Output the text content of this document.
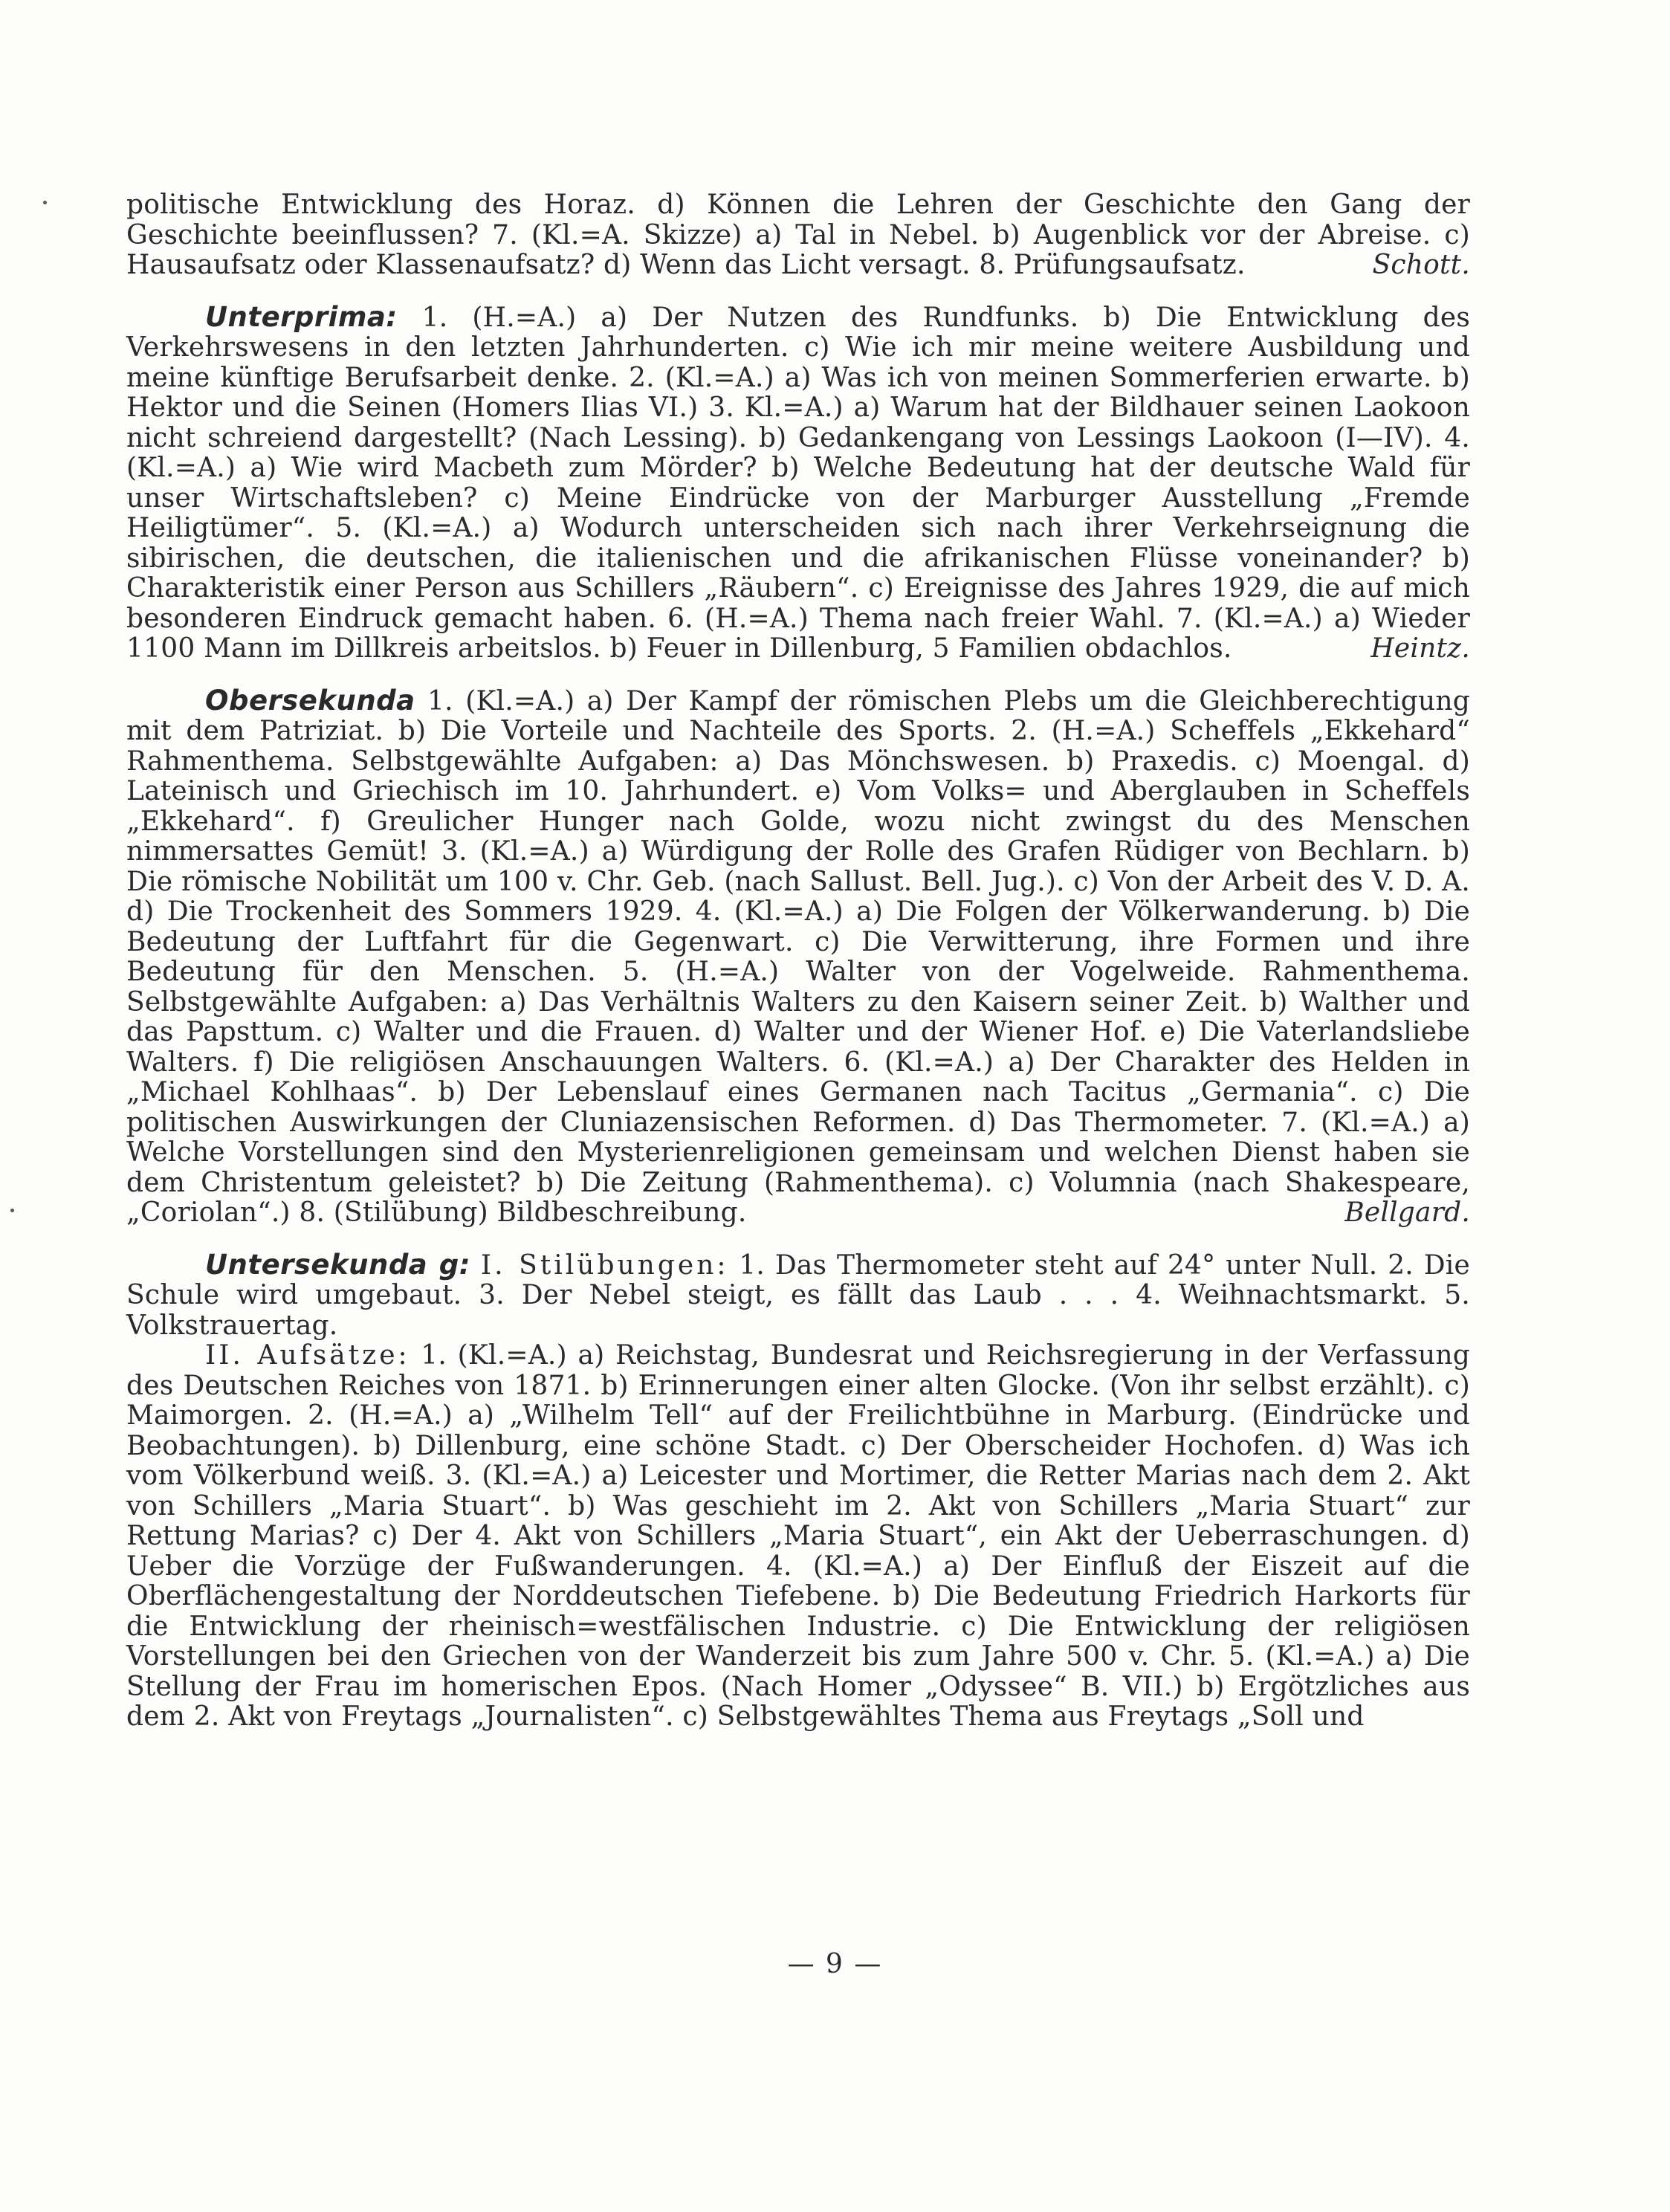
politische Entwicklung des Horaz. d) Können die Lehren der Geschichte den Gang der Geschichte beeinflussen? 7. (Kl.=A. Skizze) a) Tal in Nebel. b) Augenblick vor der Abreise. c) Hausaufsatz oder Klassenaufsatz? d) Wenn das Licht versagt. 8. Prüfungsaufsatz.	Schott.

Unterprima: 1. (H.=A.) a) Der Nutzen des Rundfunks. b) Die Entwicklung des Verkehrswesens in den letzten Jahrhunderten. c) Wie ich mir meine weitere Ausbildung und meine künftige Berufsarbeit denke. 2. (Kl.=A.) a) Was ich von meinen Sommerferien erwarte. b) Hektor und die Seinen (Homers Ilias VI.) 3. Kl.=A.) a) Warum hat der Bildhauer seinen Laokoon nicht schreiend dargestellt? (Nach Lessing). b) Gedankengang von Lessings Laokoon (I—IV). 4. (Kl.=A.) a) Wie wird Macbeth zum Mörder? b) Welche Bedeutung hat der deutsche Wald für unser Wirtschaftsleben? c) Meine Eindrücke von der Marburger Ausstellung „Fremde Heiligtümer“. 5. (Kl.=A.) a) Wodurch unterscheiden sich nach ihrer Verkehrseignung die sibirischen, die deutschen, die italienischen und die afrikanischen Flüsse voneinander? b) Charakteristik einer Person aus Schillers „Räubern“. c) Ereignisse des Jahres 1929, die auf mich besonderen Eindruck gemacht haben. 6. (H.=A.) Thema nach freier Wahl. 7. (Kl.=A.) a) Wieder 1100 Mann im Dillkreis arbeitslos. b) Feuer in Dillenburg, 5 Familien obdachlos.	Heintz.

Obersekunda 1. (Kl.=A.) a) Der Kampf der römischen Plebs um die Gleichberechtigung mit dem Patriziat. b) Die Vorteile und Nachteile des Sports. 2. (H.=A.) Scheffels „Ekkehard“ Rahmenthema. Selbstgewählte Aufgaben: a) Das Mönchswesen. b) Praxedis. c) Moengal. d) Lateinisch und Griechisch im 10. Jahrhundert. e) Vom Volks= und Aberglauben in Scheffels „Ekkehard“. f) Greulicher Hunger nach Golde, wozu nicht zwingst du des Menschen nimmersattes Gemüt! 3. (Kl.=A.) a) Würdigung der Rolle des Grafen Rüdiger von Bechlarn. b) Die römische Nobilität um 100 v. Chr. Geb. (nach Sallust. Bell. Jug.). c) Von der Arbeit des V. D. A. d) Die Trockenheit des Sommers 1929. 4. (Kl.=A.) a) Die Folgen der Völkerwanderung. b) Die Bedeutung der Luftfahrt für die Gegenwart. c) Die Verwitterung, ihre Formen und ihre Bedeutung für den Menschen. 5. (H.=A.) Walter von der Vogelweide. Rahmenthema. Selbstgewählte Aufgaben: a) Das Verhältnis Walters zu den Kaisern seiner Zeit. b) Walther und das Papsttum. c) Walter und die Frauen. d) Walter und der Wiener Hof. e) Die Vaterlandsliebe Walters. f) Die religiösen Anschauungen Walters. 6. (Kl.=A.) a) Der Charakter des Helden in „Michael Kohlhaas“. b) Der Lebenslauf eines Germanen nach Tacitus „Germania“. c) Die politischen Auswirkungen der Cluniazensischen Reformen. d) Das Thermometer. 7. (Kl.=A.) a) Welche Vorstellungen sind den Mysterienreligionen gemeinsam und welchen Dienst haben sie dem Christentum geleistet? b) Die Zeitung (Rahmenthema). c) Volumnia (nach Shakespeare, „Coriolan“.) 8. (Stilübung) Bildbeschreibung.	Bellgard.

Untersekunda g: I. Stilübungen: 1. Das Thermometer steht auf 24° unter Null. 2. Die Schule wird umgebaut. 3. Der Nebel steigt, es fällt das Laub . . . 4. Weihnachtsmarkt. 5. Volkstrauertag.

II. Aufsätze: 1. (Kl.=A.) a) Reichstag, Bundesrat und Reichsregierung in der Verfassung des Deutschen Reiches von 1871. b) Erinnerungen einer alten Glocke. (Von ihr selbst erzählt). c) Maimorgen. 2. (H.=A.) a) „Wilhelm Tell“ auf der Freilichtbühne in Marburg. (Eindrücke und Beobachtungen). b) Dillenburg, eine schöne Stadt. c) Der Oberscheider Hochofen. d) Was ich vom Völkerbund weiß. 3. (Kl.=A.) a) Leicester und Mortimer, die Retter Marias nach dem 2. Akt von Schillers „Maria Stuart“. b) Was geschieht im 2. Akt von Schillers „Maria Stuart“ zur Rettung Marias? c) Der 4. Akt von Schillers „Maria Stuart“, ein Akt der Ueberraschungen. d) Ueber die Vorzüge der Fußwanderungen. 4. (Kl.=A.) a) Der Einfluß der Eiszeit auf die Oberflächengestaltung der Norddeutschen Tiefebene. b) Die Bedeutung Friedrich Harkorts für die Entwicklung der rheinisch=westfälischen Industrie. c) Die Entwicklung der religiösen Vorstellungen bei den Griechen von der Wanderzeit bis zum Jahre 500 v. Chr. 5. (Kl.=A.) a) Die Stellung der Frau im homerischen Epos. (Nach Homer „Odyssee“ B. VII.) b) Ergötzliches aus dem 2. Akt von Freytags „Journalisten“. c) Selbstgewähltes Thema aus Freytags „Soll und

— 9 —
